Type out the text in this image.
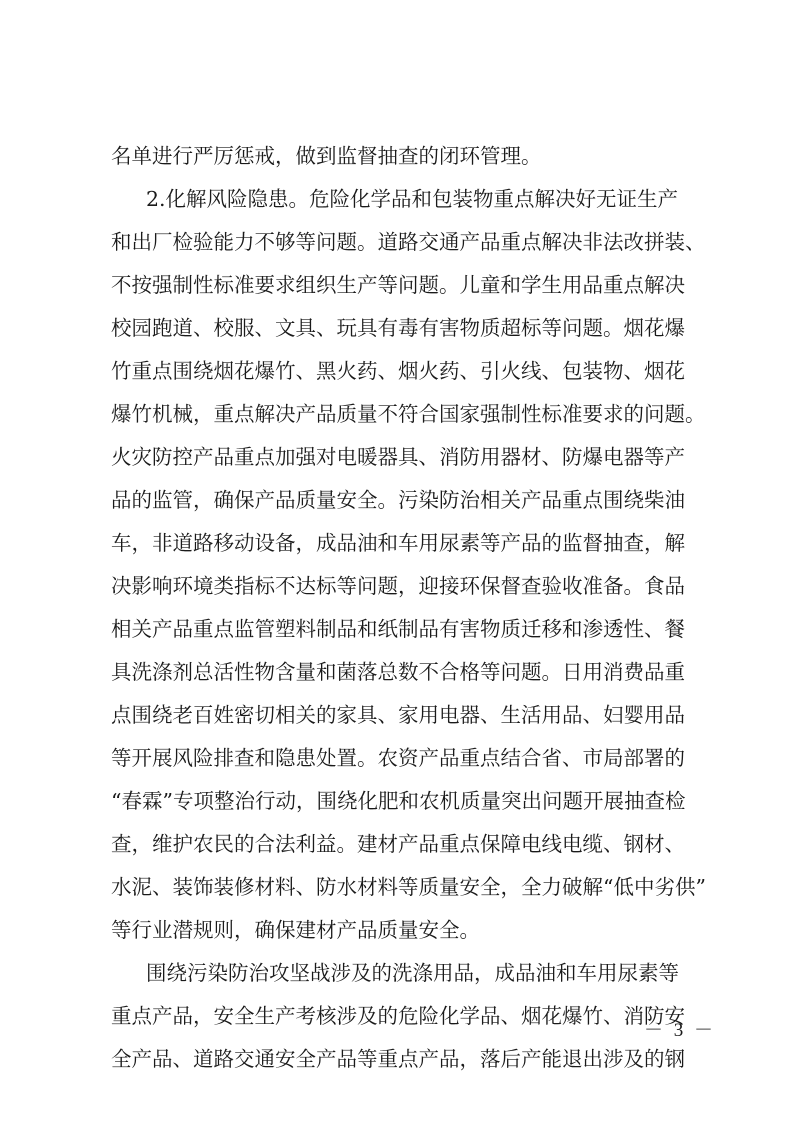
名单进行严厉惩戒，做到监督抽查的闭环管理。
2.化解风险隐患。危险化学品和包装物重点解决好无证生产
和出厂检验能力不够等问题。道路交通产品重点解决非法改拼装、
不按强制性标准要求组织生产等问题。儿童和学生用品重点解决
校园跑道、校服、文具、玩具有毒有害物质超标等问题。烟花爆
竹重点围绕烟花爆竹、黑火药、烟火药、引火线、包装物、烟花
爆竹机械，重点解决产品质量不符合国家强制性标准要求的问题。
火灾防控产品重点加强对电暖器具、消防用器材、防爆电器等产
品的监管，确保产品质量安全。污染防治相关产品重点围绕柴油
车，非道路移动设备，成品油和车用尿素等产品的监督抽查，解
决影响环境类指标不达标等问题，迎接环保督查验收准备。食品
相关产品重点监管塑料制品和纸制品有害物质迁移和渗透性、餐
具洗涤剂总活性物含量和菌落总数不合格等问题。日用消费品重
点围绕老百姓密切相关的家具、家用电器、生活用品、妇婴用品
等开展风险排查和隐患处置。农资产品重点结合省、市局部署的
“春霖”专项整治行动，围绕化肥和农机质量突出问题开展抽查检
查，维护农民的合法利益。建材产品重点保障电线电缆、钢材、
水泥、装饰装修材料、防水材料等质量安全，全力破解“低中劣供”
等行业潜规则，确保建材产品质量安全。
围绕污染防治攻坚战涉及的洗涤用品，成品油和车用尿素等
重点产品，安全生产考核涉及的危险化学品、烟花爆竹、消防安
全产品、道路交通安全产品等重点产品，落后产能退出涉及的钢
－ 3 －
